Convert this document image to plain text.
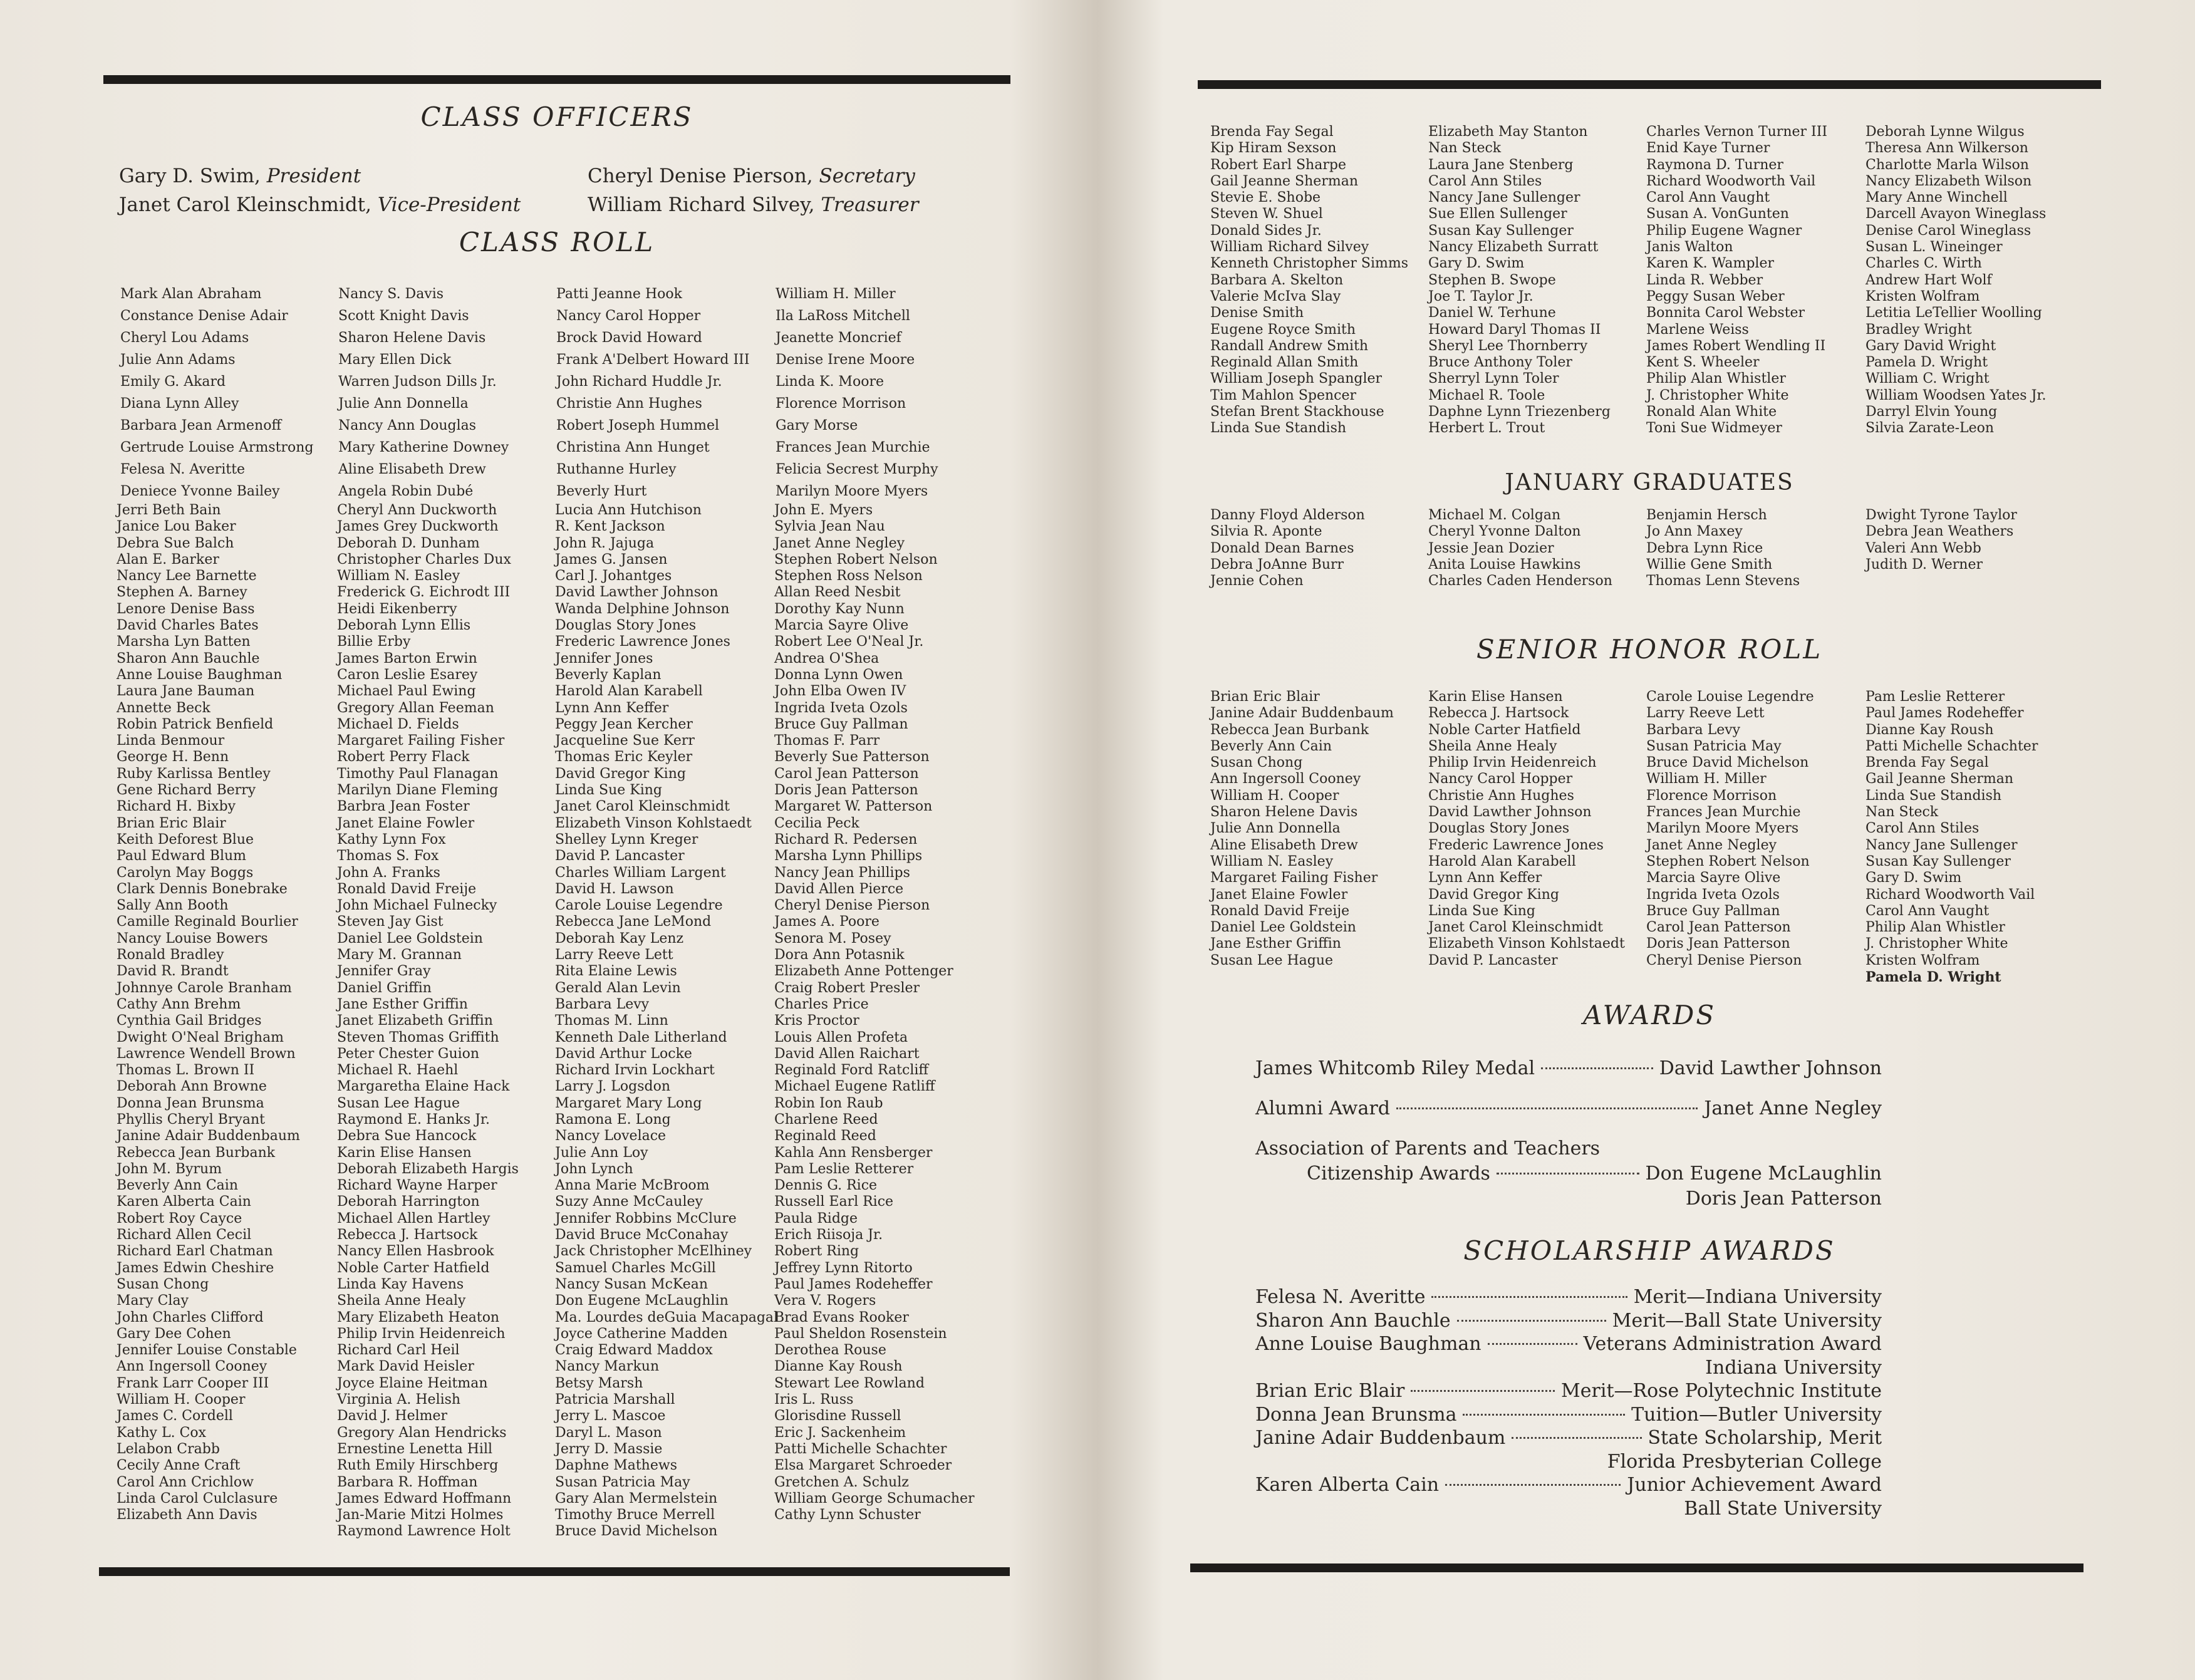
CLASS OFFICERS
Gary D. Swim, President
Janet Carol Kleinschmidt, Vice-President
Cheryl Denise Pierson, Secretary
William Richard Silvey, Treasurer
CLASS ROLL
Mark Alan Abraham
Constance Denise Adair
Cheryl Lou Adams
Julie Ann Adams
Emily G. Akard
Diana Lynn Alley
Barbara Jean Armenoff
Gertrude Louise Armstrong
Felesa N. Averitte
Deniece Yvonne Bailey
Nancy S. Davis
Scott Knight Davis
Sharon Helene Davis
Mary Ellen Dick
Warren Judson Dills Jr.
Julie Ann Donnella
Nancy Ann Douglas
Mary Katherine Downey
Aline Elisabeth Drew
Angela Robin Dubé
Patti Jeanne Hook
Nancy Carol Hopper
Brock David Howard
Frank A'Delbert Howard III
John Richard Huddle Jr.
Christie Ann Hughes
Robert Joseph Hummel
Christina Ann Hunget
Ruthanne Hurley
Beverly Hurt
William H. Miller
Ila LaRoss Mitchell
Jeanette Moncrief
Denise Irene Moore
Linda K. Moore
Florence Morrison
Gary Morse
Frances Jean Murchie
Felicia Secrest Murphy
Marilyn Moore Myers
Jerri Beth Bain
Janice Lou Baker
Debra Sue Balch
Alan E. Barker
Nancy Lee Barnette
Stephen A. Barney
Lenore Denise Bass
David Charles Bates
Marsha Lyn Batten
Sharon Ann Bauchle
Anne Louise Baughman
Laura Jane Bauman
Annette Beck
Robin Patrick Benfield
Linda Benmour
George H. Benn
Ruby Karlissa Bentley
Gene Richard Berry
Richard H. Bixby
Brian Eric Blair
Keith Deforest Blue
Paul Edward Blum
Carolyn May Boggs
Clark Dennis Bonebrake
Sally Ann Booth
Camille Reginald Bourlier
Nancy Louise Bowers
Ronald Bradley
David R. Brandt
Johnnye Carole Branham
Cathy Ann Brehm
Cynthia Gail Bridges
Dwight O'Neal Brigham
Lawrence Wendell Brown
Thomas L. Brown II
Deborah Ann Browne
Donna Jean Brunsma
Phyllis Cheryl Bryant
Janine Adair Buddenbaum
Rebecca Jean Burbank
John M. Byrum
Beverly Ann Cain
Karen Alberta Cain
Robert Roy Cayce
Richard Allen Cecil
Richard Earl Chatman
James Edwin Cheshire
Susan Chong
Mary Clay
John Charles Clifford
Gary Dee Cohen
Jennifer Louise Constable
Ann Ingersoll Cooney
Frank Larr Cooper III
William H. Cooper
James C. Cordell
Kathy L. Cox
Lelabon Crabb
Cecily Anne Craft
Carol Ann Crichlow
Linda Carol Culclasure
Elizabeth Ann Davis
Cheryl Ann Duckworth
James Grey Duckworth
Deborah D. Dunham
Christopher Charles Dux
William N. Easley
Frederick G. Eichrodt III
Heidi Eikenberry
Deborah Lynn Ellis
Billie Erby
James Barton Erwin
Caron Leslie Esarey
Michael Paul Ewing
Gregory Allan Feeman
Michael D. Fields
Margaret Failing Fisher
Robert Perry Flack
Timothy Paul Flanagan
Marilyn Diane Fleming
Barbra Jean Foster
Janet Elaine Fowler
Kathy Lynn Fox
Thomas S. Fox
John A. Franks
Ronald David Freije
John Michael Fulnecky
Steven Jay Gist
Daniel Lee Goldstein
Mary M. Grannan
Jennifer Gray
Daniel Griffin
Jane Esther Griffin
Janet Elizabeth Griffin
Steven Thomas Griffith
Peter Chester Guion
Michael R. Haehl
Margaretha Elaine Hack
Susan Lee Hague
Raymond E. Hanks Jr.
Debra Sue Hancock
Karin Elise Hansen
Deborah Elizabeth Hargis
Richard Wayne Harper
Deborah Harrington
Michael Allen Hartley
Rebecca J. Hartsock
Nancy Ellen Hasbrook
Noble Carter Hatfield
Linda Kay Havens
Sheila Anne Healy
Mary Elizabeth Heaton
Philip Irvin Heidenreich
Richard Carl Heil
Mark David Heisler
Joyce Elaine Heitman
Virginia A. Helish
David J. Helmer
Gregory Alan Hendricks
Ernestine Lenetta Hill
Ruth Emily Hirschberg
Barbara R. Hoffman
James Edward Hoffmann
Jan-Marie Mitzi Holmes
Raymond Lawrence Holt
Lucia Ann Hutchison
R. Kent Jackson
John R. Jajuga
James G. Jansen
Carl J. Johantges
David Lawther Johnson
Wanda Delphine Johnson
Douglas Story Jones
Frederic Lawrence Jones
Jennifer Jones
Beverly Kaplan
Harold Alan Karabell
Lynn Ann Keffer
Peggy Jean Kercher
Jacqueline Sue Kerr
Thomas Eric Keyler
David Gregor King
Linda Sue King
Janet Carol Kleinschmidt
Elizabeth Vinson Kohlstaedt
Shelley Lynn Kreger
David P. Lancaster
Charles William Largent
David H. Lawson
Carole Louise Legendre
Rebecca Jane LeMond
Deborah Kay Lenz
Larry Reeve Lett
Rita Elaine Lewis
Gerald Alan Levin
Barbara Levy
Thomas M. Linn
Kenneth Dale Litherland
David Arthur Locke
Richard Irvin Lockhart
Larry J. Logsdon
Margaret Mary Long
Ramona E. Long
Nancy Lovelace
Julie Ann Loy
John Lynch
Anna Marie McBroom
Suzy Anne McCauley
Jennifer Robbins McClure
David Bruce McConahay
Jack Christopher McElhiney
Samuel Charles McGill
Nancy Susan McKean
Don Eugene McLaughlin
Ma. Lourdes deGuia Macapagal
Joyce Catherine Madden
Craig Edward Maddox
Nancy Markun
Betsy Marsh
Patricia Marshall
Jerry L. Mascoe
Daryl L. Mason
Jerry D. Massie
Daphne Mathews
Susan Patricia May
Gary Alan Mermelstein
Timothy Bruce Merrell
Bruce David Michelson
John E. Myers
Sylvia Jean Nau
Janet Anne Negley
Stephen Robert Nelson
Stephen Ross Nelson
Allan Reed Nesbit
Dorothy Kay Nunn
Marcia Sayre Olive
Robert Lee O'Neal Jr.
Andrea O'Shea
Donna Lynn Owen
John Elba Owen IV
Ingrida Iveta Ozols
Bruce Guy Pallman
Thomas F. Parr
Beverly Sue Patterson
Carol Jean Patterson
Doris Jean Patterson
Margaret W. Patterson
Cecilia Peck
Richard R. Pedersen
Marsha Lynn Phillips
Nancy Jean Phillips
David Allen Pierce
Cheryl Denise Pierson
James A. Poore
Senora M. Posey
Dora Ann Potasnik
Elizabeth Anne Pottenger
Craig Robert Presler
Charles Price
Kris Proctor
Louis Allen Profeta
David Allen Raichart
Reginald Ford Ratcliff
Michael Eugene Ratliff
Robin Ion Raub
Charlene Reed
Reginald Reed
Kahla Ann Rensberger
Pam Leslie Retterer
Dennis G. Rice
Russell Earl Rice
Paula Ridge
Erich Riisoja Jr.
Robert Ring
Jeffrey Lynn Ritorto
Paul James Rodeheffer
Vera V. Rogers
Brad Evans Rooker
Paul Sheldon Rosenstein
Derothea Rouse
Dianne Kay Roush
Stewart Lee Rowland
Iris L. Russ
Glorisdine Russell
Eric J. Sackenheim
Patti Michelle Schachter
Elsa Margaret Schroeder
Gretchen A. Schulz
William George Schumacher
Cathy Lynn Schuster
Brenda Fay Segal
Kip Hiram Sexson
Robert Earl Sharpe
Gail Jeanne Sherman
Stevie E. Shobe
Steven W. Shuel
Donald Sides Jr.
William Richard Silvey
Kenneth Christopher Simms
Barbara A. Skelton
Valerie McIva Slay
Denise Smith
Eugene Royce Smith
Randall Andrew Smith
Reginald Allan Smith
William Joseph Spangler
Tim Mahlon Spencer
Stefan Brent Stackhouse
Linda Sue Standish
Elizabeth May Stanton
Nan Steck
Laura Jane Stenberg
Carol Ann Stiles
Nancy Jane Sullenger
Sue Ellen Sullenger
Susan Kay Sullenger
Nancy Elizabeth Surratt
Gary D. Swim
Stephen B. Swope
Joe T. Taylor Jr.
Daniel W. Terhune
Howard Daryl Thomas II
Sheryl Lee Thornberry
Bruce Anthony Toler
Sherryl Lynn Toler
Michael R. Toole
Daphne Lynn Triezenberg
Herbert L. Trout
Charles Vernon Turner III
Enid Kaye Turner
Raymona D. Turner
Richard Woodworth Vail
Carol Ann Vaught
Susan A. VonGunten
Philip Eugene Wagner
Janis Walton
Karen K. Wampler
Linda R. Webber
Peggy Susan Weber
Bonnita Carol Webster
Marlene Weiss
James Robert Wendling II
Kent S. Wheeler
Philip Alan Whistler
J. Christopher White
Ronald Alan White
Toni Sue Widmeyer
Deborah Lynne Wilgus
Theresa Ann Wilkerson
Charlotte Marla Wilson
Nancy Elizabeth Wilson
Mary Anne Winchell
Darcell Avayon Wineglass
Denise Carol Wineglass
Susan L. Wineinger
Charles C. Wirth
Andrew Hart Wolf
Kristen Wolfram
Letitia LeTellier Woolling
Bradley Wright
Gary David Wright
Pamela D. Wright
William C. Wright
William Woodsen Yates Jr.
Darryl Elvin Young
Silvia Zarate-Leon
JANUARY GRADUATES
Danny Floyd Alderson
Silvia R. Aponte
Donald Dean Barnes
Debra JoAnne Burr
Jennie Cohen
Michael M. Colgan
Cheryl Yvonne Dalton
Jessie Jean Dozier
Anita Louise Hawkins
Charles Caden Henderson
Benjamin Hersch
Jo Ann Maxey
Debra Lynn Rice
Willie Gene Smith
Thomas Lenn Stevens
Dwight Tyrone Taylor
Debra Jean Weathers
Valeri Ann Webb
Judith D. Werner
SENIOR HONOR ROLL
Brian Eric Blair
Janine Adair Buddenbaum
Rebecca Jean Burbank
Beverly Ann Cain
Susan Chong
Ann Ingersoll Cooney
William H. Cooper
Sharon Helene Davis
Julie Ann Donnella
Aline Elisabeth Drew
William N. Easley
Margaret Failing Fisher
Janet Elaine Fowler
Ronald David Freije
Daniel Lee Goldstein
Jane Esther Griffin
Susan Lee Hague
Karin Elise Hansen
Rebecca J. Hartsock
Noble Carter Hatfield
Sheila Anne Healy
Philip Irvin Heidenreich
Nancy Carol Hopper
Christie Ann Hughes
David Lawther Johnson
Douglas Story Jones
Frederic Lawrence Jones
Harold Alan Karabell
Lynn Ann Keffer
David Gregor King
Linda Sue King
Janet Carol Kleinschmidt
Elizabeth Vinson Kohlstaedt
David P. Lancaster
Carole Louise Legendre
Larry Reeve Lett
Barbara Levy
Susan Patricia May
Bruce David Michelson
William H. Miller
Florence Morrison
Frances Jean Murchie
Marilyn Moore Myers
Janet Anne Negley
Stephen Robert Nelson
Marcia Sayre Olive
Ingrida Iveta Ozols
Bruce Guy Pallman
Carol Jean Patterson
Doris Jean Patterson
Cheryl Denise Pierson
Pam Leslie Retterer
Paul James Rodeheffer
Dianne Kay Roush
Patti Michelle Schachter
Brenda Fay Segal
Gail Jeanne Sherman
Linda Sue Standish
Nan Steck
Carol Ann Stiles
Nancy Jane Sullenger
Susan Kay Sullenger
Gary D. Swim
Richard Woodworth Vail
Carol Ann Vaught
Philip Alan Whistler
J. Christopher White
Kristen Wolfram
Pamela D. Wright
AWARDS
James Whitcomb Riley Medal	David Lawther Johnson
Alumni Award	Janet Anne Negley
Association of Parents and Teachers
Citizenship Awards	Don Eugene McLaughlin
Doris Jean Patterson
SCHOLARSHIP AWARDS
Felesa N. Averitte	Merit—Indiana University
Sharon Ann Bauchle	Merit—Ball State University
Anne Louise Baughman	Veterans Administration Award
Indiana University
Brian Eric Blair	Merit—Rose Polytechnic Institute
Donna Jean Brunsma	Tuition—Butler University
Janine Adair Buddenbaum	State Scholarship, Merit
Florida Presbyterian College
Karen Alberta Cain	Junior Achievement Award
Ball State University
